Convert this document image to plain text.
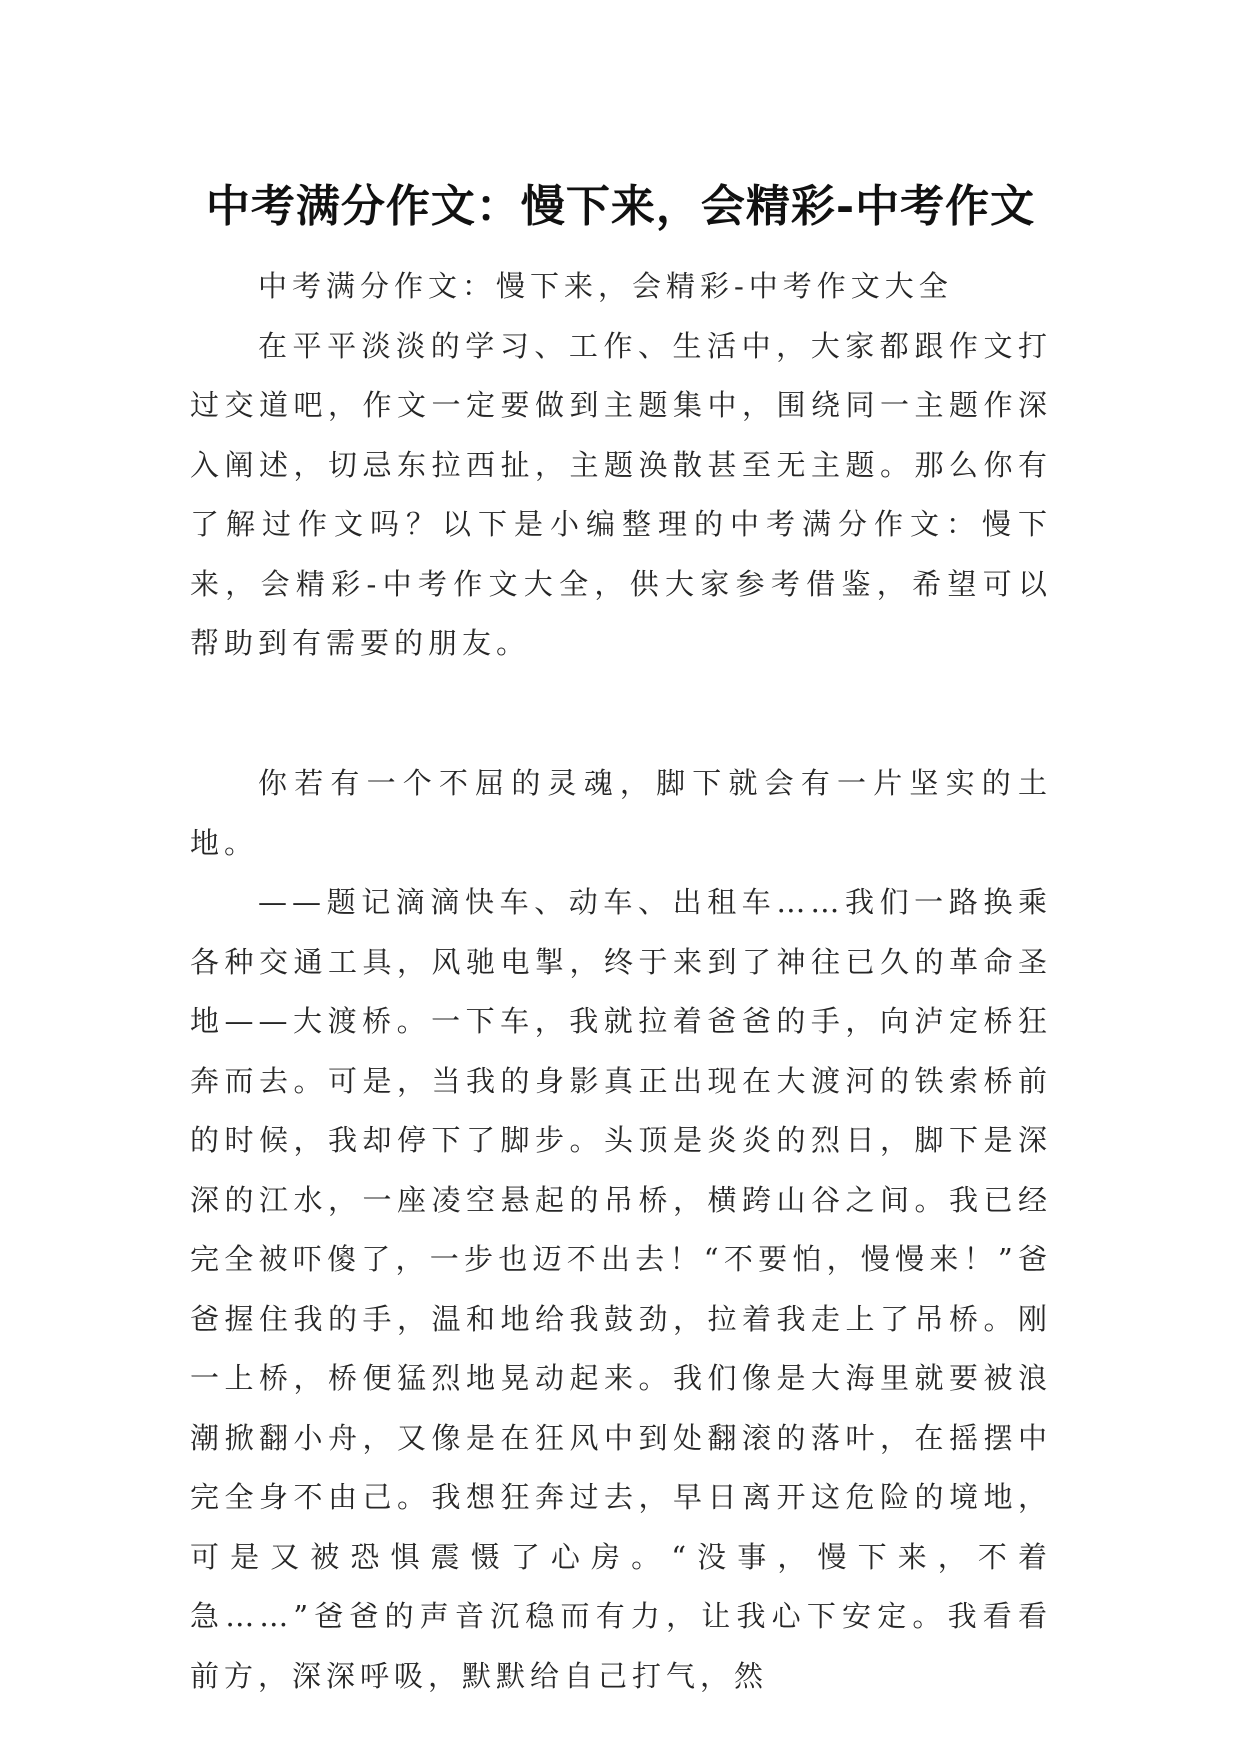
中考满分作文：慢下来，会精彩-中考作文

中考满分作文：慢下来，会精彩-中考作文大全

在平平淡淡的学习、工作、生活中，大家都跟作文打过交道吧，作文一定要做到主题集中，围绕同一主题作深入阐述，切忌东拉西扯，主题涣散甚至无主题。那么你有了解过作文吗？以下是小编整理的中考满分作文：慢下来，会精彩-中考作文大全，供大家参考借鉴，希望可以帮助到有需要的朋友。

你若有一个不屈的灵魂，脚下就会有一片坚实的土地。

——题记滴滴快车、动车、出租车……我们一路换乘各种交通工具，风驰电掣，终于来到了神往已久的革命圣地——大渡桥。一下车，我就拉着爸爸的手，向泸定桥狂奔而去。可是，当我的身影真正出现在大渡河的铁索桥前的时候，我却停下了脚步。头顶是炎炎的烈日，脚下是深深的江水，一座凌空悬起的吊桥，横跨山谷之间。我已经完全被吓傻了，一步也迈不出去！“不要怕，慢慢来！”爸爸握住我的手，温和地给我鼓劲，拉着我走上了吊桥。刚一上桥，桥便猛烈地晃动起来。我们像是大海里就要被浪潮掀翻小舟，又像是在狂风中到处翻滚的落叶，在摇摆中完全身不由己。我想狂奔过去，早日离开这危险的境地，可是又被恐惧震慑了心房。“没事，慢下来，不着急……”爸爸的声音沉稳而有力，让我心下安定。我看看前方，深深呼吸，默默给自己打气，然
